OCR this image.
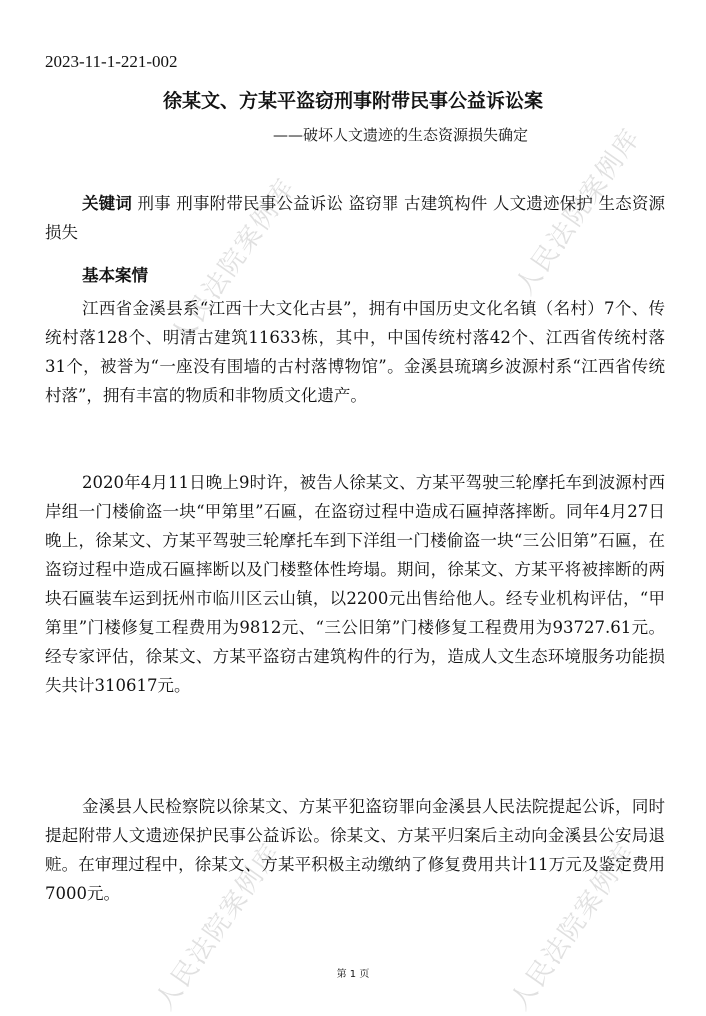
人民法院案例库	人民法院案例库
人民法院案例库	人民法院案例库
2023-11-1-221-002
徐某文、方某平盗窃刑事附带民事公益诉讼案
——破坏人文遗迹的生态资源损失确定

关键词 刑事 刑事附带民事公益诉讼 盗窃罪 古建筑构件 人文遗迹保护 生态资源损失

基本案情

江西省金溪县系“江西十大文化古县”，拥有中国历史文化名镇（名村）7个、传统村落128个、明清古建筑11633栋，其中，中国传统村落42个、江西省传统村落31个，被誉为“一座没有围墙的古村落博物馆”。金溪县琉璃乡波源村系“江西省传统村落”，拥有丰富的物质和非物质文化遗产。

2020年4月11日晚上9时许，被告人徐某文、方某平驾驶三轮摩托车到波源村西岸组一门楼偷盗一块“甲第里”石匾，在盗窃过程中造成石匾掉落摔断。同年4月27日晚上，徐某文、方某平驾驶三轮摩托车到下洋组一门楼偷盗一块“三公旧第”石匾，在盗窃过程中造成石匾摔断以及门楼整体性垮塌。期间，徐某文、方某平将被摔断的两块石匾装车运到抚州市临川区云山镇，以2200元出售给他人。经专业机构评估，“甲第里”门楼修复工程费用为9812元、“三公旧第”门楼修复工程费用为93727.61元。经专家评估，徐某文、方某平盗窃古建筑构件的行为，造成人文生态环境服务功能损失共计310617元。

金溪县人民检察院以徐某文、方某平犯盗窃罪向金溪县人民法院提起公诉，同时提起附带人文遗迹保护民事公益诉讼。徐某文、方某平归案后主动向金溪县公安局退赃。在审理过程中，徐某文、方某平积极主动缴纳了修复费用共计11万元及鉴定费用7000元。

第 1 页
